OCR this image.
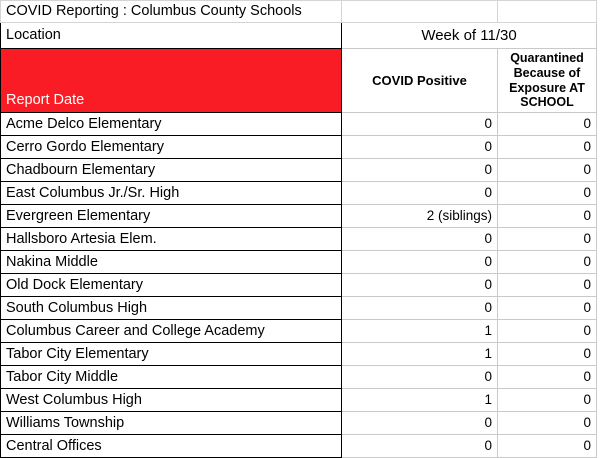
COVID Reporting : Columbus County Schools		
Location	Week of 11/30	
Report Date	COVID Positive	Quarantined Because of Exposure AT SCHOOL
Acme Delco Elementary	0	0
Cerro Gordo Elementary	0	0
Chadbourn Elementary	0	0
East Columbus Jr./Sr. High	0	0
Evergreen Elementary	2 (siblings)	0
Hallsboro Artesia Elem.	0	0
Nakina Middle	0	0
Old Dock Elementary	0	0
South Columbus High	0	0
Columbus Career and College Academy	1	0
Tabor City Elementary	1	0
Tabor City Middle	0	0
West Columbus High	1	0
Williams Township	0	0
Central Offices	0	0
